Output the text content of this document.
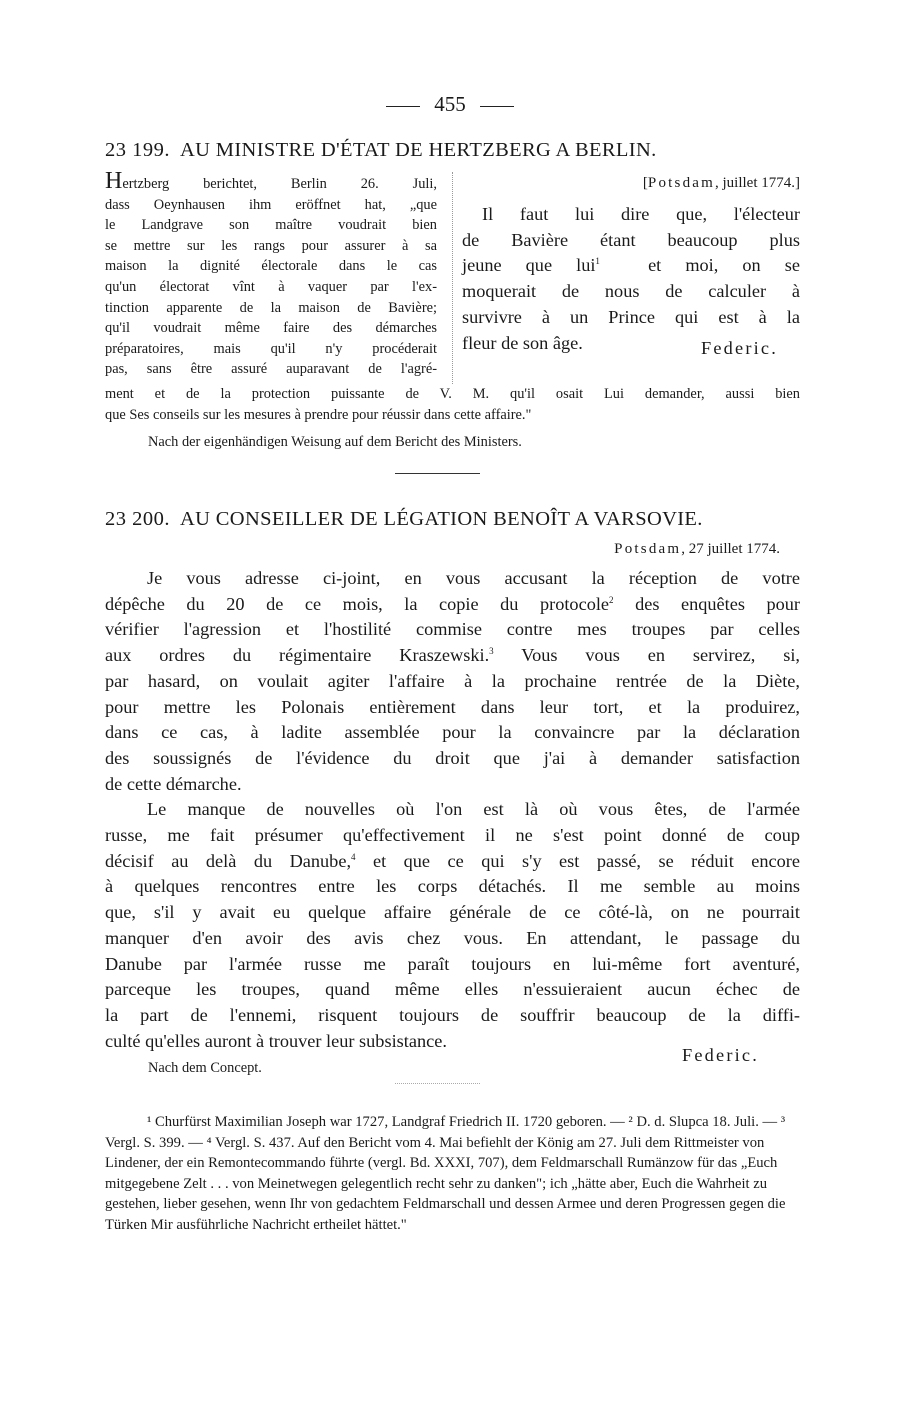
455
23 199. AU MINISTRE D'ÉTAT DE HERTZBERG A BERLIN.
Hertzberg berichtet, Berlin 26. Juli,
dass Oeynhausen ihm eröffnet hat, „que
le Landgrave son maître voudrait bien
se mettre sur les rangs pour assurer à sa
maison la dignité électorale dans le cas
qu'un électorat vînt à vaquer par l'ex-
tinction apparente de la maison de Bavière;
qu'il voudrait même faire des démarches
préparatoires, mais qu'il n'y procéderait
pas, sans être assuré auparavant de l'agré-
[Potsdam, juillet 1774.]
Il faut lui dire que, l'électeur
de Bavière étant beaucoup plus
jeune que lui$^1$	et moi, on se
moquerait de nous de calculer à
survivre à un Prince qui est à la
fleur de son âge.	Federic.
ment et de la protection puissante de V. M. qu'il osait Lui demander, aussi bien
que Ses conseils sur les mesures à prendre pour réussir dans cette affaire."
Nach der eigenhändigen Weisung auf dem Bericht des Ministers.
23 200. AU CONSEILLER DE LÉGATION BENOÎT A VARSOVIE.
Potsdam, 27 juillet 1774.
Je vous adresse ci-joint, en vous accusant la réception de votre
dépêche du 20 de ce mois, la copie du protocole$^2$ des enquêtes pour
vérifier l'agression et l'hostilité commise contre mes troupes par celles
aux ordres du régimentaire Kraszewski.$^3$ Vous vous en servirez, si,
par hasard, on voulait agiter l'affaire à la prochaine rentrée de la Diète,
pour mettre les Polonais entièrement dans leur tort, et la produirez,
dans ce cas, à ladite assemblée pour la convaincre par la déclaration
des soussignés de l'évidence du droit que j'ai à demander satisfaction
de cette démarche.
Le manque de nouvelles où l'on est là où vous êtes, de l'armée
russe, me fait présumer qu'effectivement il ne s'est point donné de coup
décisif au delà du Danube,$^4$ et que ce qui s'y est passé, se réduit encore
à quelques rencontres entre les corps détachés. Il me semble au moins
que, s'il y avait eu quelque affaire générale de ce côté-là, on ne pourrait
manquer d'en avoir des avis chez vous. En attendant, le passage du
Danube par l'armée russe me paraît toujours en lui-même fort aventuré,
parceque les troupes, quand même elles n'essuieraient aucun échec de
la part de l'ennemi, risquent toujours de souffrir beaucoup de la diffi-
culté qu'elles auront à trouver leur subsistance.
Federic.
Nach dem Concept.
¹ Churfürst Maximilian Joseph war 1727, Landgraf Friedrich II. 1720 geboren. — ² D. d. Slupca 18. Juli. — ³ Vergl. S. 399. — ⁴ Vergl. S. 437. Auf den Bericht vom 4. Mai befiehlt der König am 27. Juli dem Rittmeister von Lindener, der ein Remontecommando führte (vergl. Bd. XXXI, 707), dem Feldmarschall Rumänzow für das „Euch mitgegebene Zelt . . . von Meinetwegen gelegentlich recht sehr zu danken"; ich „hätte aber, Euch die Wahrheit zu gestehen, lieber gesehen, wenn Ihr von gedachtem Feldmarschall und dessen Armee und deren Progressen gegen die Türken Mir ausführliche Nachricht ertheilet hättet."
